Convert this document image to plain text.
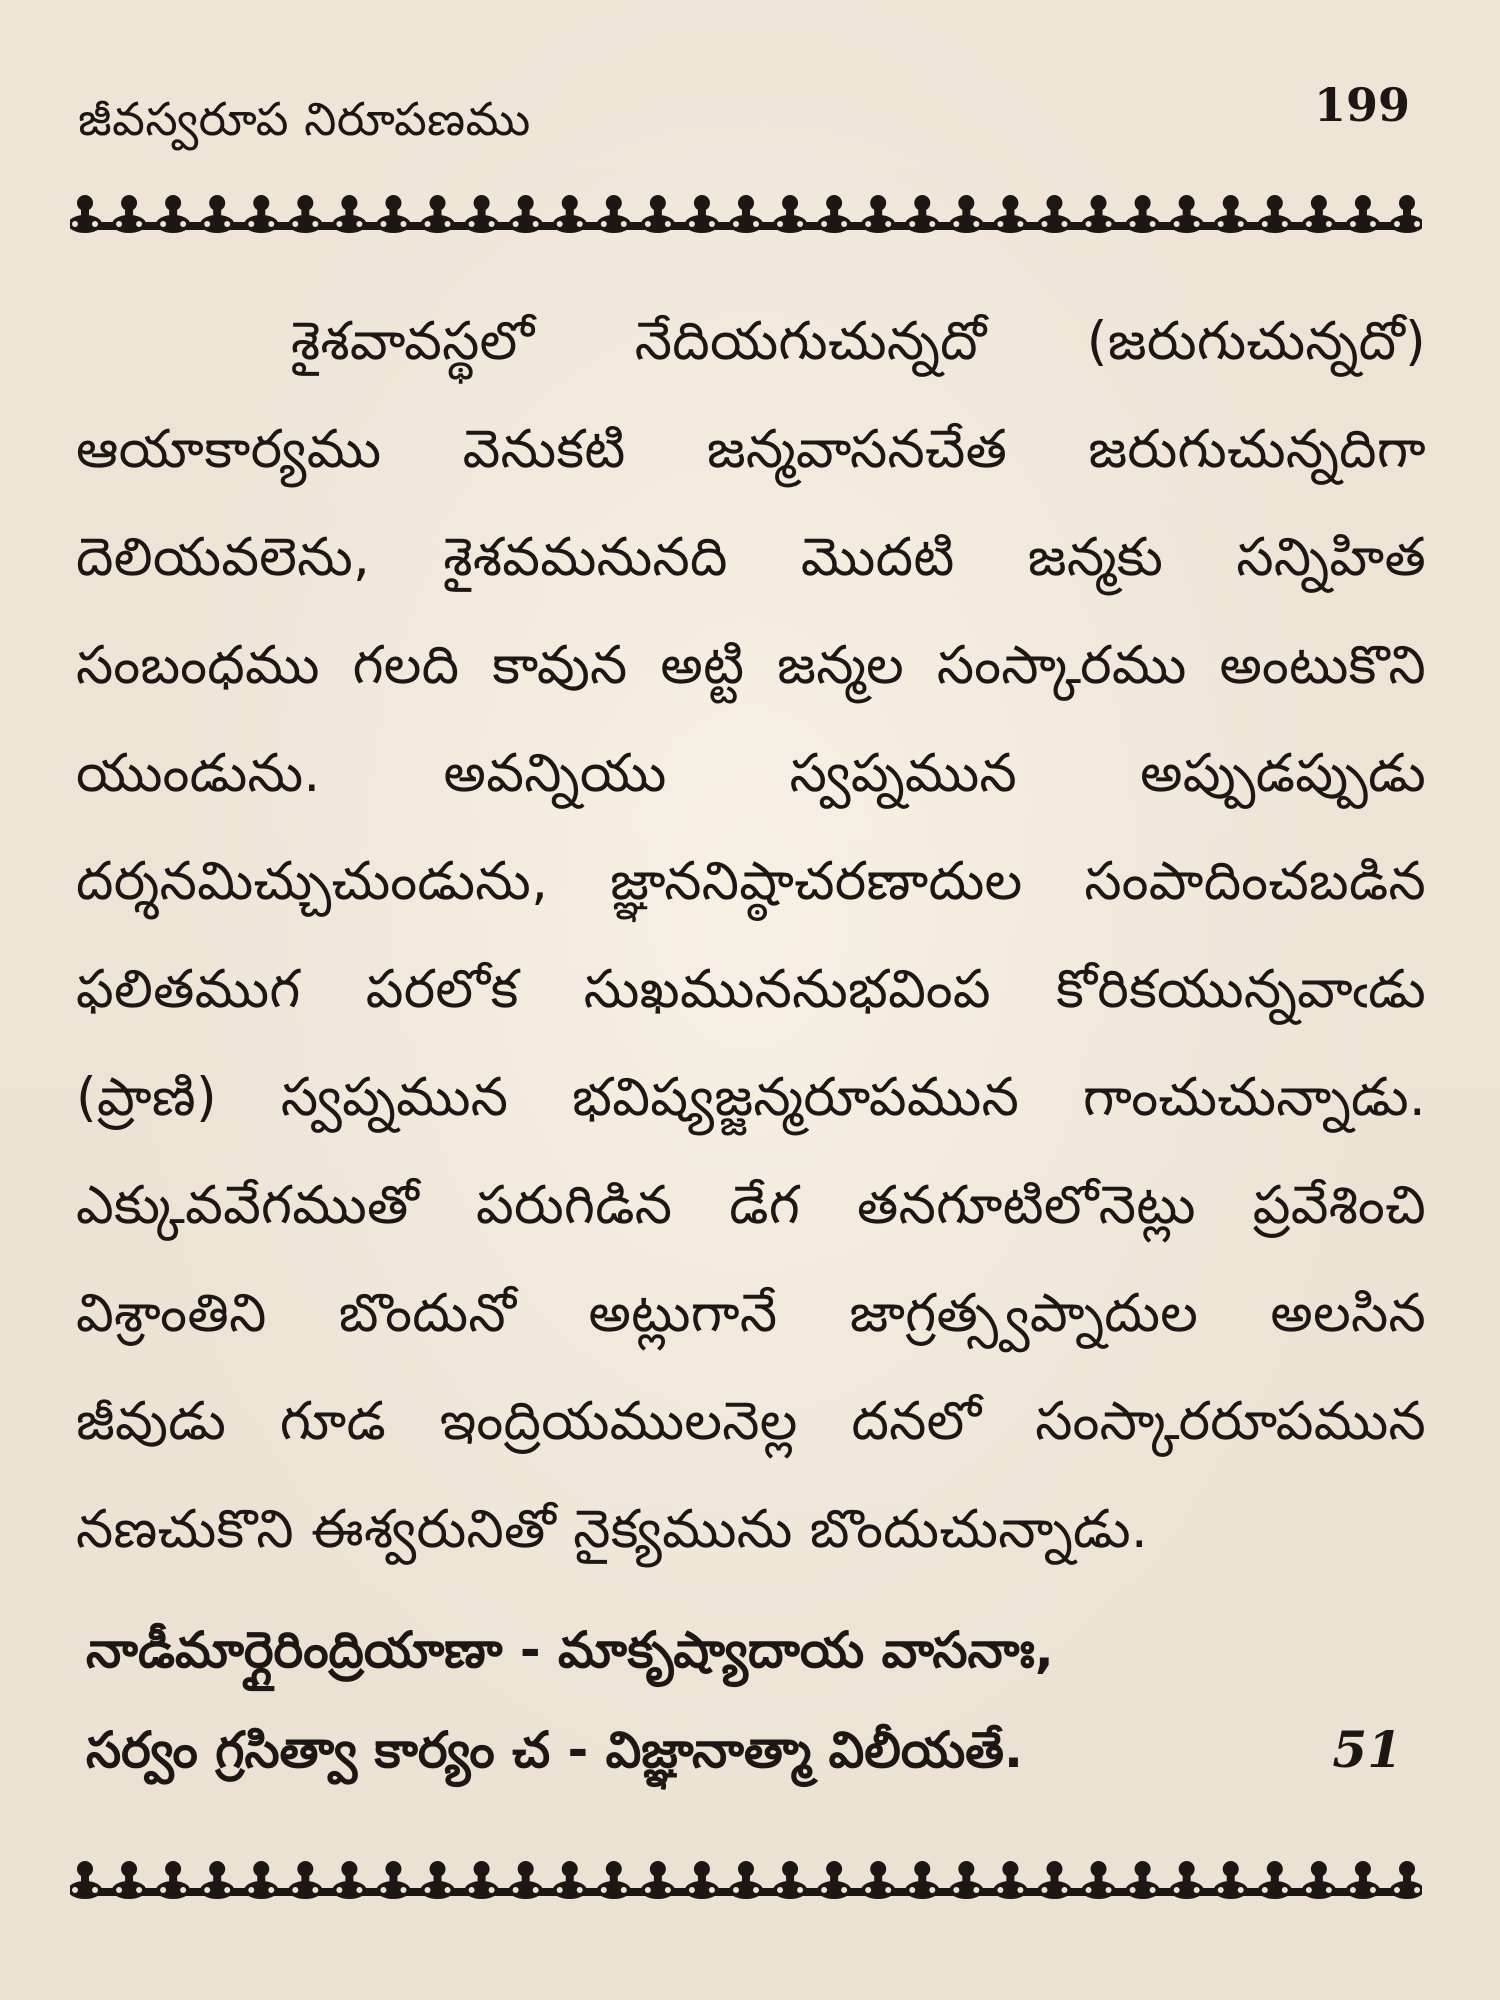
జీవస్వరూప నిరూపణము	199
శైశవావస్థలో నేదియగుచున్నదో (జరుగుచున్నదో)
ఆయాకార్యము వెనుకటి జన్మవాసనచేత జరుగుచున్నదిగా
దెలియవలెను, శైశవమనునది మొదటి జన్మకు సన్నిహిత
సంబంధము గలది కావున అట్టి జన్మల సంస్కారము అంటుకొని
యుండును. అవన్నియు స్వప్నమున అప్పుడప్పుడు
దర్శనమిచ్చుచుండును, జ్ఞాననిష్ఠాచరణాదుల సంపాదించబడిన
ఫలితముగ పరలోక సుఖముననుభవింప కోరికయున్నవాఁడు
(ప్రాణి) స్వప్నమున భవిష్యజ్జన్మరూపమున గాంచుచున్నాడు.
ఎక్కువవేగముతో పరుగిడిన డేగ తనగూటిలోనెట్లు ప్రవేశించి
విశ్రాంతిని బొందునో అట్లుగానే జాగ్రత్స్వప్నాదుల అలసిన
జీవుడు గూడ ఇంద్రియములనెల్ల దనలో సంస్కారరూపమున
నణచుకొని ఈశ్వరునితో నైక్యమును బొందుచున్నాడు.
నాడీమార్గైరింద్రియాణా - మాకృష్యాదాయ వాసనాః,
సర్వం గ్రసిత్వా కార్యం చ - విజ్ఞానాత్మా విలీయతే.	51
